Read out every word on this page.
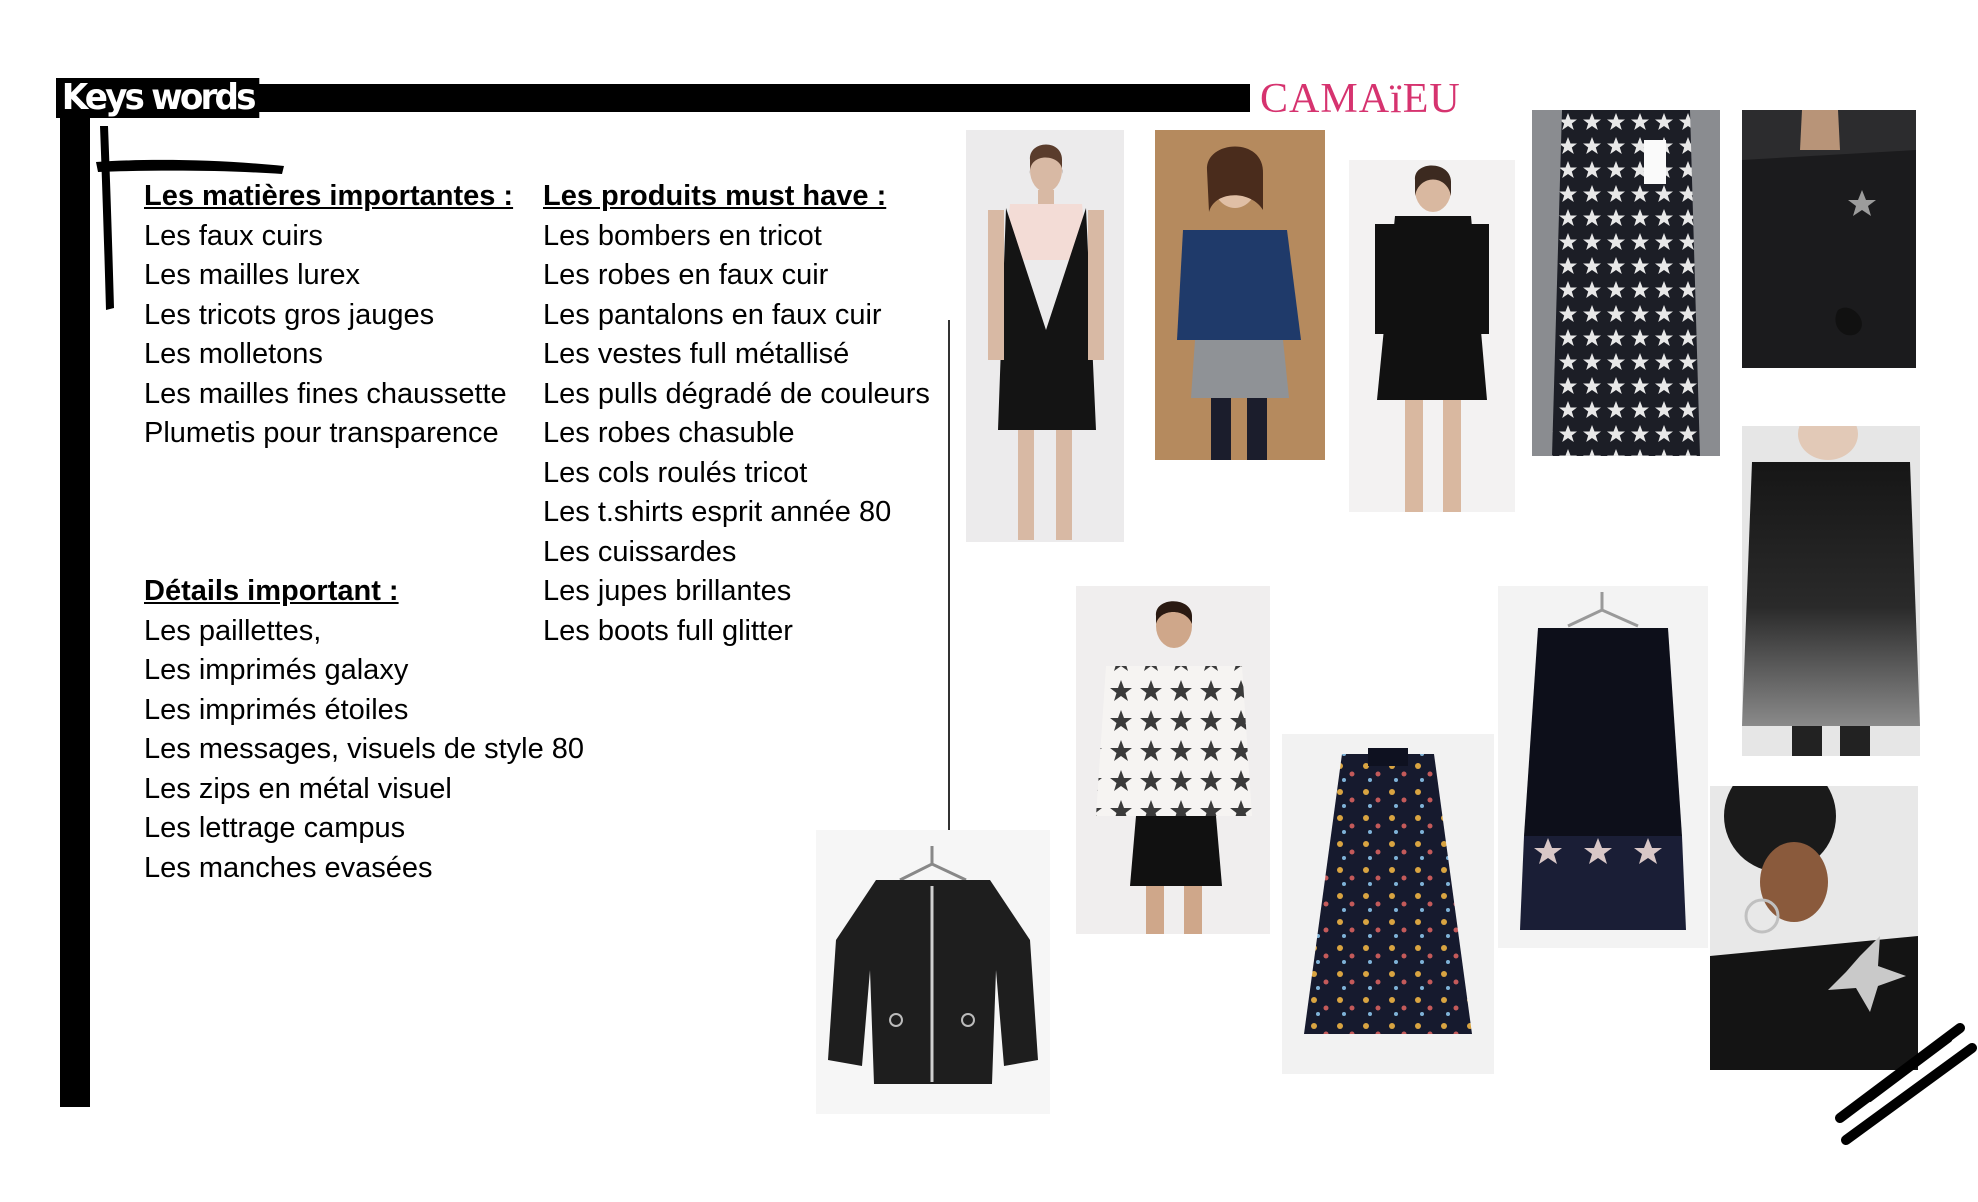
Keys words	CAMAïEU
Les matières importantes :
Les faux cuirs
Les mailles lurex
Les tricots gros jauges
Les molletons
Les mailles fines chaussette
Plumetis pour transparence
Détails important :
Les paillettes,
Les imprimés galaxy
Les imprimés étoiles
Les messages, visuels de style 80
Les zips en métal visuel
Les lettrage campus
Les manches evasées
Les produits must have :
Les bombers en tricot
Les robes en faux cuir
Les pantalons en faux cuir
Les vestes full métallisé
Les pulls dégradé de couleurs
Les robes chasuble
Les cols roulés tricot
Les t.shirts esprit année 80
Les cuissardes
Les jupes brillantes
Les boots full glitter
